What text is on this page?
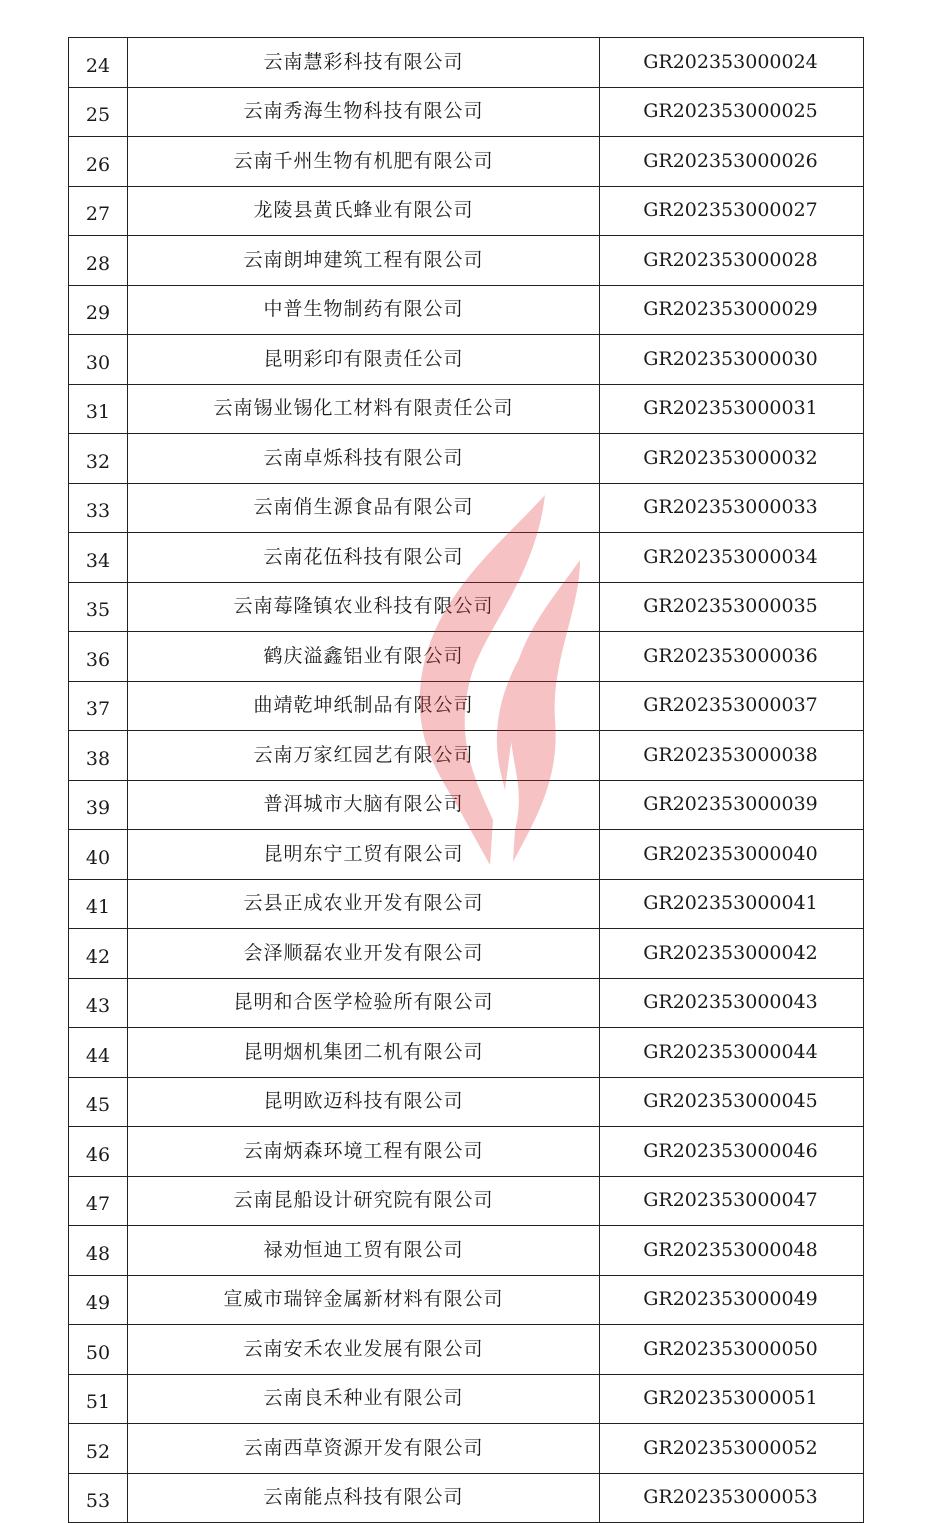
24	云南慧彩科技有限公司	GR202353000024
25	云南秀海生物科技有限公司	GR202353000025
26	云南千州生物有机肥有限公司	GR202353000026
27	龙陵县黄氏蜂业有限公司	GR202353000027
28	云南朗坤建筑工程有限公司	GR202353000028
29	中普生物制药有限公司	GR202353000029
30	昆明彩印有限责任公司	GR202353000030
31	云南锡业锡化工材料有限责任公司	GR202353000031
32	云南卓烁科技有限公司	GR202353000032
33	云南俏生源食品有限公司	GR202353000033
34	云南花伍科技有限公司	GR202353000034
35	云南莓隆镇农业科技有限公司	GR202353000035
36	鹤庆溢鑫铝业有限公司	GR202353000036
37	曲靖乾坤纸制品有限公司	GR202353000037
38	云南万家红园艺有限公司	GR202353000038
39	普洱城市大脑有限公司	GR202353000039
40	昆明东宁工贸有限公司	GR202353000040
41	云县正成农业开发有限公司	GR202353000041
42	会泽顺磊农业开发有限公司	GR202353000042
43	昆明和合医学检验所有限公司	GR202353000043
44	昆明烟机集团二机有限公司	GR202353000044
45	昆明欧迈科技有限公司	GR202353000045
46	云南炳森环境工程有限公司	GR202353000046
47	云南昆船设计研究院有限公司	GR202353000047
48	禄劝恒迪工贸有限公司	GR202353000048
49	宣威市瑞锌金属新材料有限公司	GR202353000049
50	云南安禾农业发展有限公司	GR202353000050
51	云南良禾种业有限公司	GR202353000051
52	云南西草资源开发有限公司	GR202353000052
53	云南能点科技有限公司	GR202353000053
